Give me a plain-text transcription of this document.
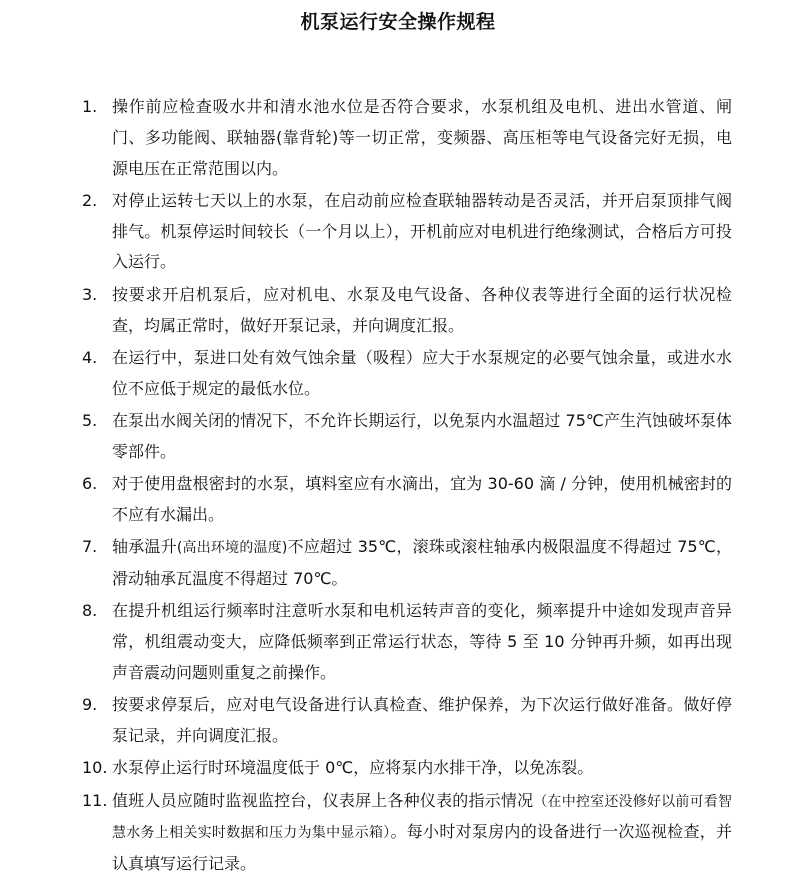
机泵运行安全操作规程
1. 操作前应检查吸水井和清水池水位是否符合要求，水泵机组及电机、进出水管道、闸门、多功能阀、联轴器(靠背轮)等一切正常，变频器、高压柜等电气设备完好无损，电源电压在正常范围以内。
2. 对停止运转七天以上的水泵，在启动前应检查联轴器转动是否灵活，并开启泵顶排气阀排气。机泵停运时间较长（一个月以上），开机前应对电机进行绝缘测试，合格后方可投入运行。
3. 按要求开启机泵后，应对机电、水泵及电气设备、各种仪表等进行全面的运行状况检查，均属正常时，做好开泵记录，并向调度汇报。
4. 在运行中，泵进口处有效气蚀余量（吸程）应大于水泵规定的必要气蚀余量，或进水水位不应低于规定的最低水位。
5. 在泵出水阀关闭的情况下，不允许长期运行，以免泵内水温超过 75℃产生汽蚀破坏泵体零部件。
6. 对于使用盘根密封的水泵，填料室应有水滴出，宜为 30-60 滴 / 分钟，使用机械密封的不应有水漏出。
7. 轴承温升(高出环境的温度)不应超过 35℃，滚珠或滚柱轴承内极限温度不得超过 75℃，滑动轴承瓦温度不得超过 70℃。
8. 在提升机组运行频率时注意听水泵和电机运转声音的变化，频率提升中途如发现声音异常，机组震动变大，应降低频率到正常运行状态，等待 5 至 10 分钟再升频，如再出现声音震动问题则重复之前操作。
9. 按要求停泵后，应对电气设备进行认真检查、维护保养，为下次运行做好准备。做好停泵记录，并向调度汇报。
10. 水泵停止运行时环境温度低于 0℃，应将泵内水排干净，以免冻裂。
11. 值班人员应随时监视监控台，仪表屏上各种仪表的指示情况（在中控室还没修好以前可看智慧水务上相关实时数据和压力为集中显示箱）。每小时对泵房内的设备进行一次巡视检查，并认真填写运行记录。
